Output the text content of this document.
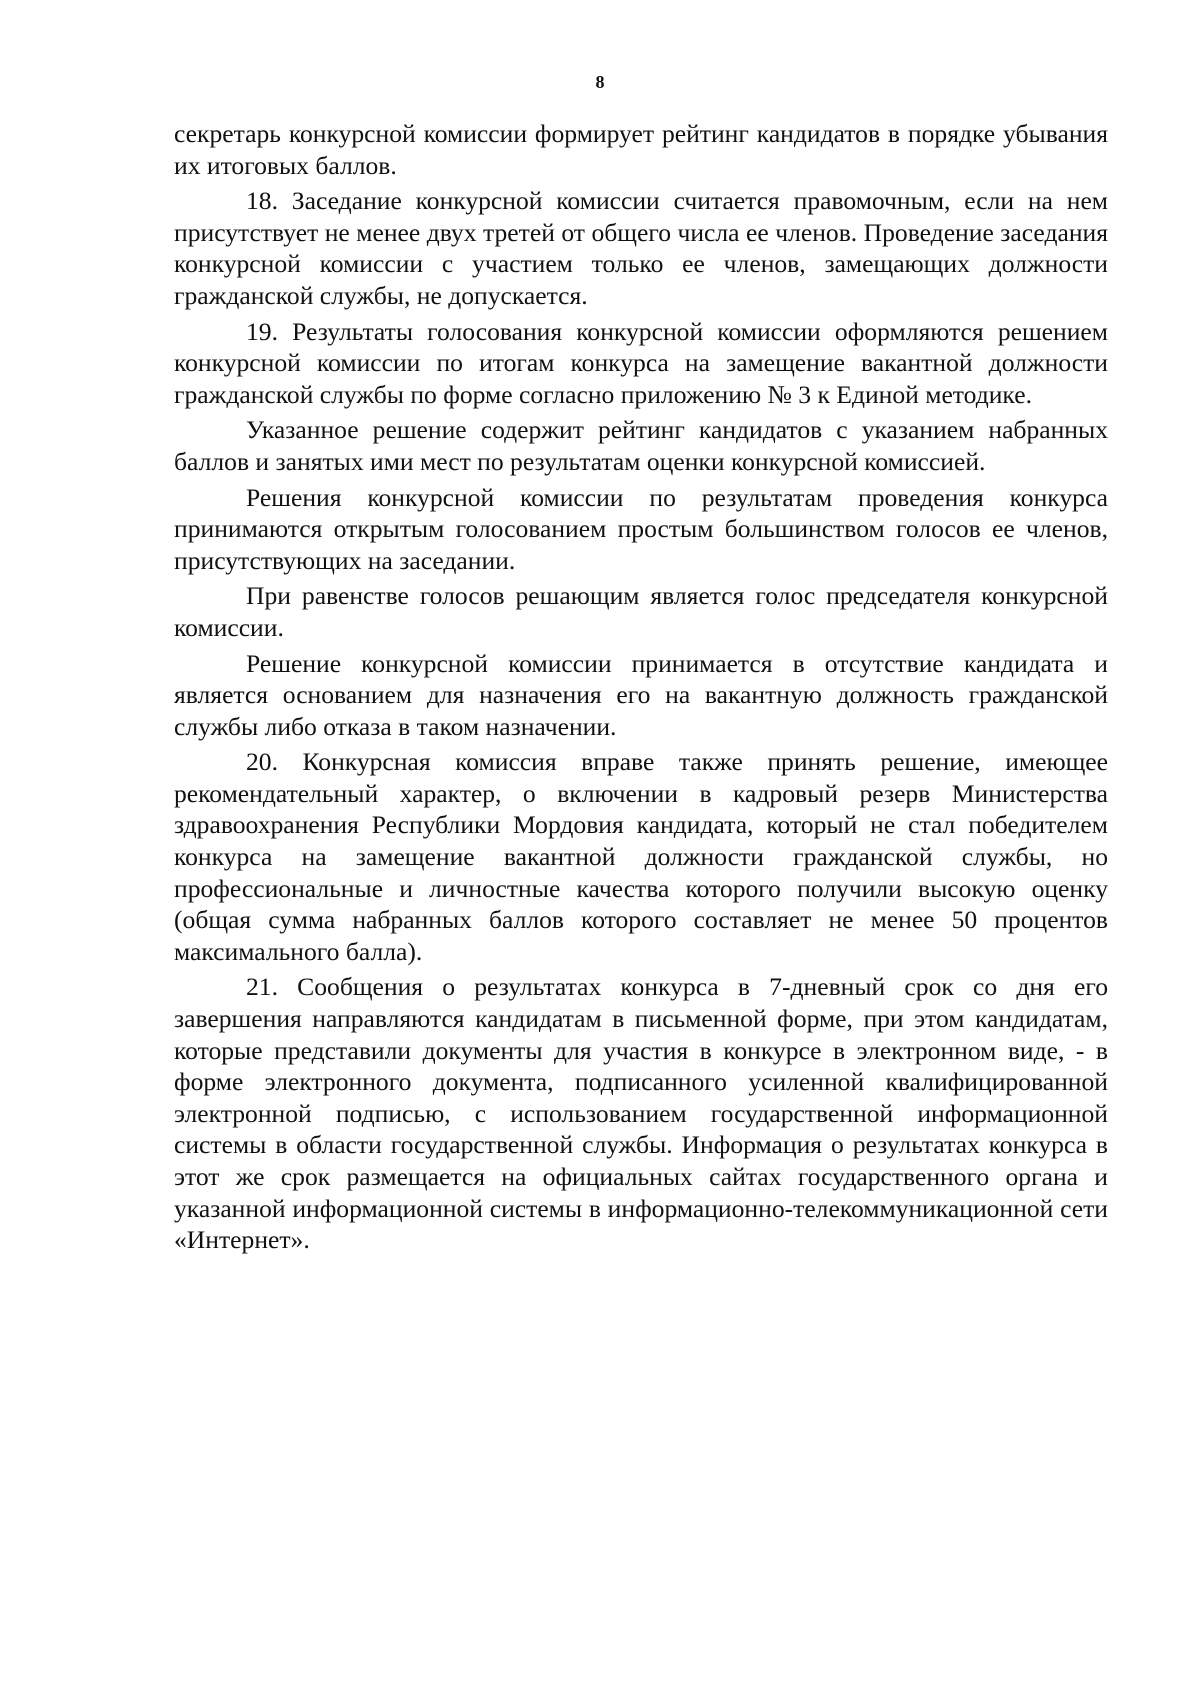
8

секретарь конкурсной комиссии формирует рейтинг кандидатов в порядке убывания их итоговых баллов.

18. Заседание конкурсной комиссии считается правомочным, если на нем присутствует не менее двух третей от общего числа ее членов. Проведение заседания конкурсной комиссии с участием только ее членов, замещающих должности гражданской службы, не допускается.

19. Результаты голосования конкурсной комиссии оформляются решением конкурсной комиссии по итогам конкурса на замещение вакантной должности гражданской службы по форме согласно приложению № 3 к Единой методике.

Указанное решение содержит рейтинг кандидатов с указанием набранных баллов и занятых ими мест по результатам оценки конкурсной комиссией.

Решения конкурсной комиссии по результатам проведения конкурса принимаются открытым голосованием простым большинством голосов ее членов, присутствующих на заседании.

При равенстве голосов решающим является голос председателя конкурсной комиссии.

Решение конкурсной комиссии принимается в отсутствие кандидата и является основанием для назначения его на вакантную должность гражданской службы либо отказа в таком назначении.

20. Конкурсная комиссия вправе также принять решение, имеющее рекомендательный характер, о включении в кадровый резерв Министерства здравоохранения Республики Мордовия кандидата, который не стал победителем конкурса на замещение вакантной должности гражданской службы, но профессиональные и личностные качества которого получили высокую оценку (общая сумма набранных баллов которого составляет не менее 50 процентов максимального балла).

21. Сообщения о результатах конкурса в 7-дневный срок со дня его завершения направляются кандидатам в письменной форме, при этом кандидатам, которые представили документы для участия в конкурсе в электронном виде, - в форме электронного документа, подписанного усиленной квалифицированной электронной подписью, с использованием государственной информационной системы в области государственной службы. Информация о результатах конкурса в этот же срок размещается на официальных сайтах государственного органа и указанной информационной системы в информационно-телекоммуникационной сети «Интернет».
